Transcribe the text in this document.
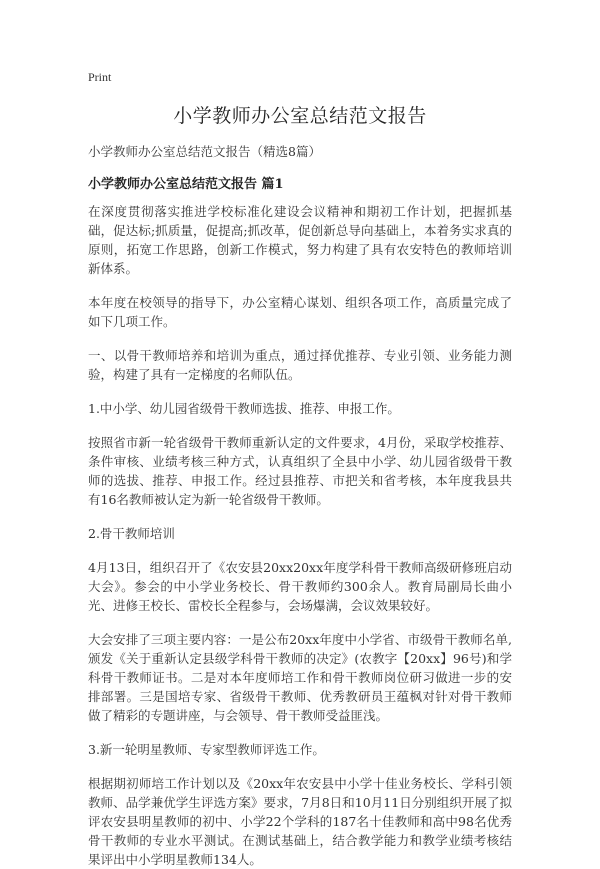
Print
小学教师办公室总结范文报告
小学教师办公室总结范文报告（精选8篇）
小学教师办公室总结范文报告 篇1

在深度贯彻落实推进学校标准化建设会议精神和期初工作计划，把握抓基础，促达标;抓质量，促提高;抓改革，促创新总导向基础上，本着务实求真的原则，拓宽工作思路，创新工作模式，努力构建了具有农安特色的教师培训新体系。

本年度在校领导的指导下，办公室精心谋划、组织各项工作，高质量完成了如下几项工作。

一、以骨干教师培养和培训为重点，通过择优推荐、专业引领、业务能力测验，构建了具有一定梯度的名师队伍。

1.中小学、幼儿园省级骨干教师选拔、推荐、申报工作。

按照省市新一轮省级骨干教师重新认定的文件要求，4月份，采取学校推荐、条件审核、业绩考核三种方式，认真组织了全县中小学、幼儿园省级骨干教师的选拔、推荐、申报工作。经过县推荐、市把关和省考核，本年度我县共有16名教师被认定为新一轮省级骨干教师。

2.骨干教师培训

4月13日，组织召开了《农安县20xx20xx年度学科骨干教师高级研修班启动大会》。参会的中小学业务校长、骨干教师约300余人。教育局副局长曲小光、进修王校长、雷校长全程参与，会场爆满，会议效果较好。

大会安排了三项主要内容：一是公布20xx年度中小学省、市级骨干教师名单,颁发《关于重新认定县级学科骨干教师的决定》(农教字【20xx】96号)和学科骨干教师证书。二是对本年度师培工作和骨干教师岗位研习做进一步的安排部署。三是国培专家、省级骨干教师、优秀教研员王蕴枫对针对骨干教师做了精彩的专题讲座，与会领导、骨干教师受益匪浅。

3.新一轮明星教师、专家型教师评选工作。

根据期初师培工作计划以及《20xx年农安县中小学十佳业务校长、学科引领教师、品学兼优学生评选方案》要求，7月8日和10月11日分别组织开展了拟评农安县明星教师的初中、小学22个学科的187名十佳教师和高中98名优秀骨干教师的专业水平测试。在测试基础上，结合教学能力和教学业绩考核结果评出中小学明星教师134人。
